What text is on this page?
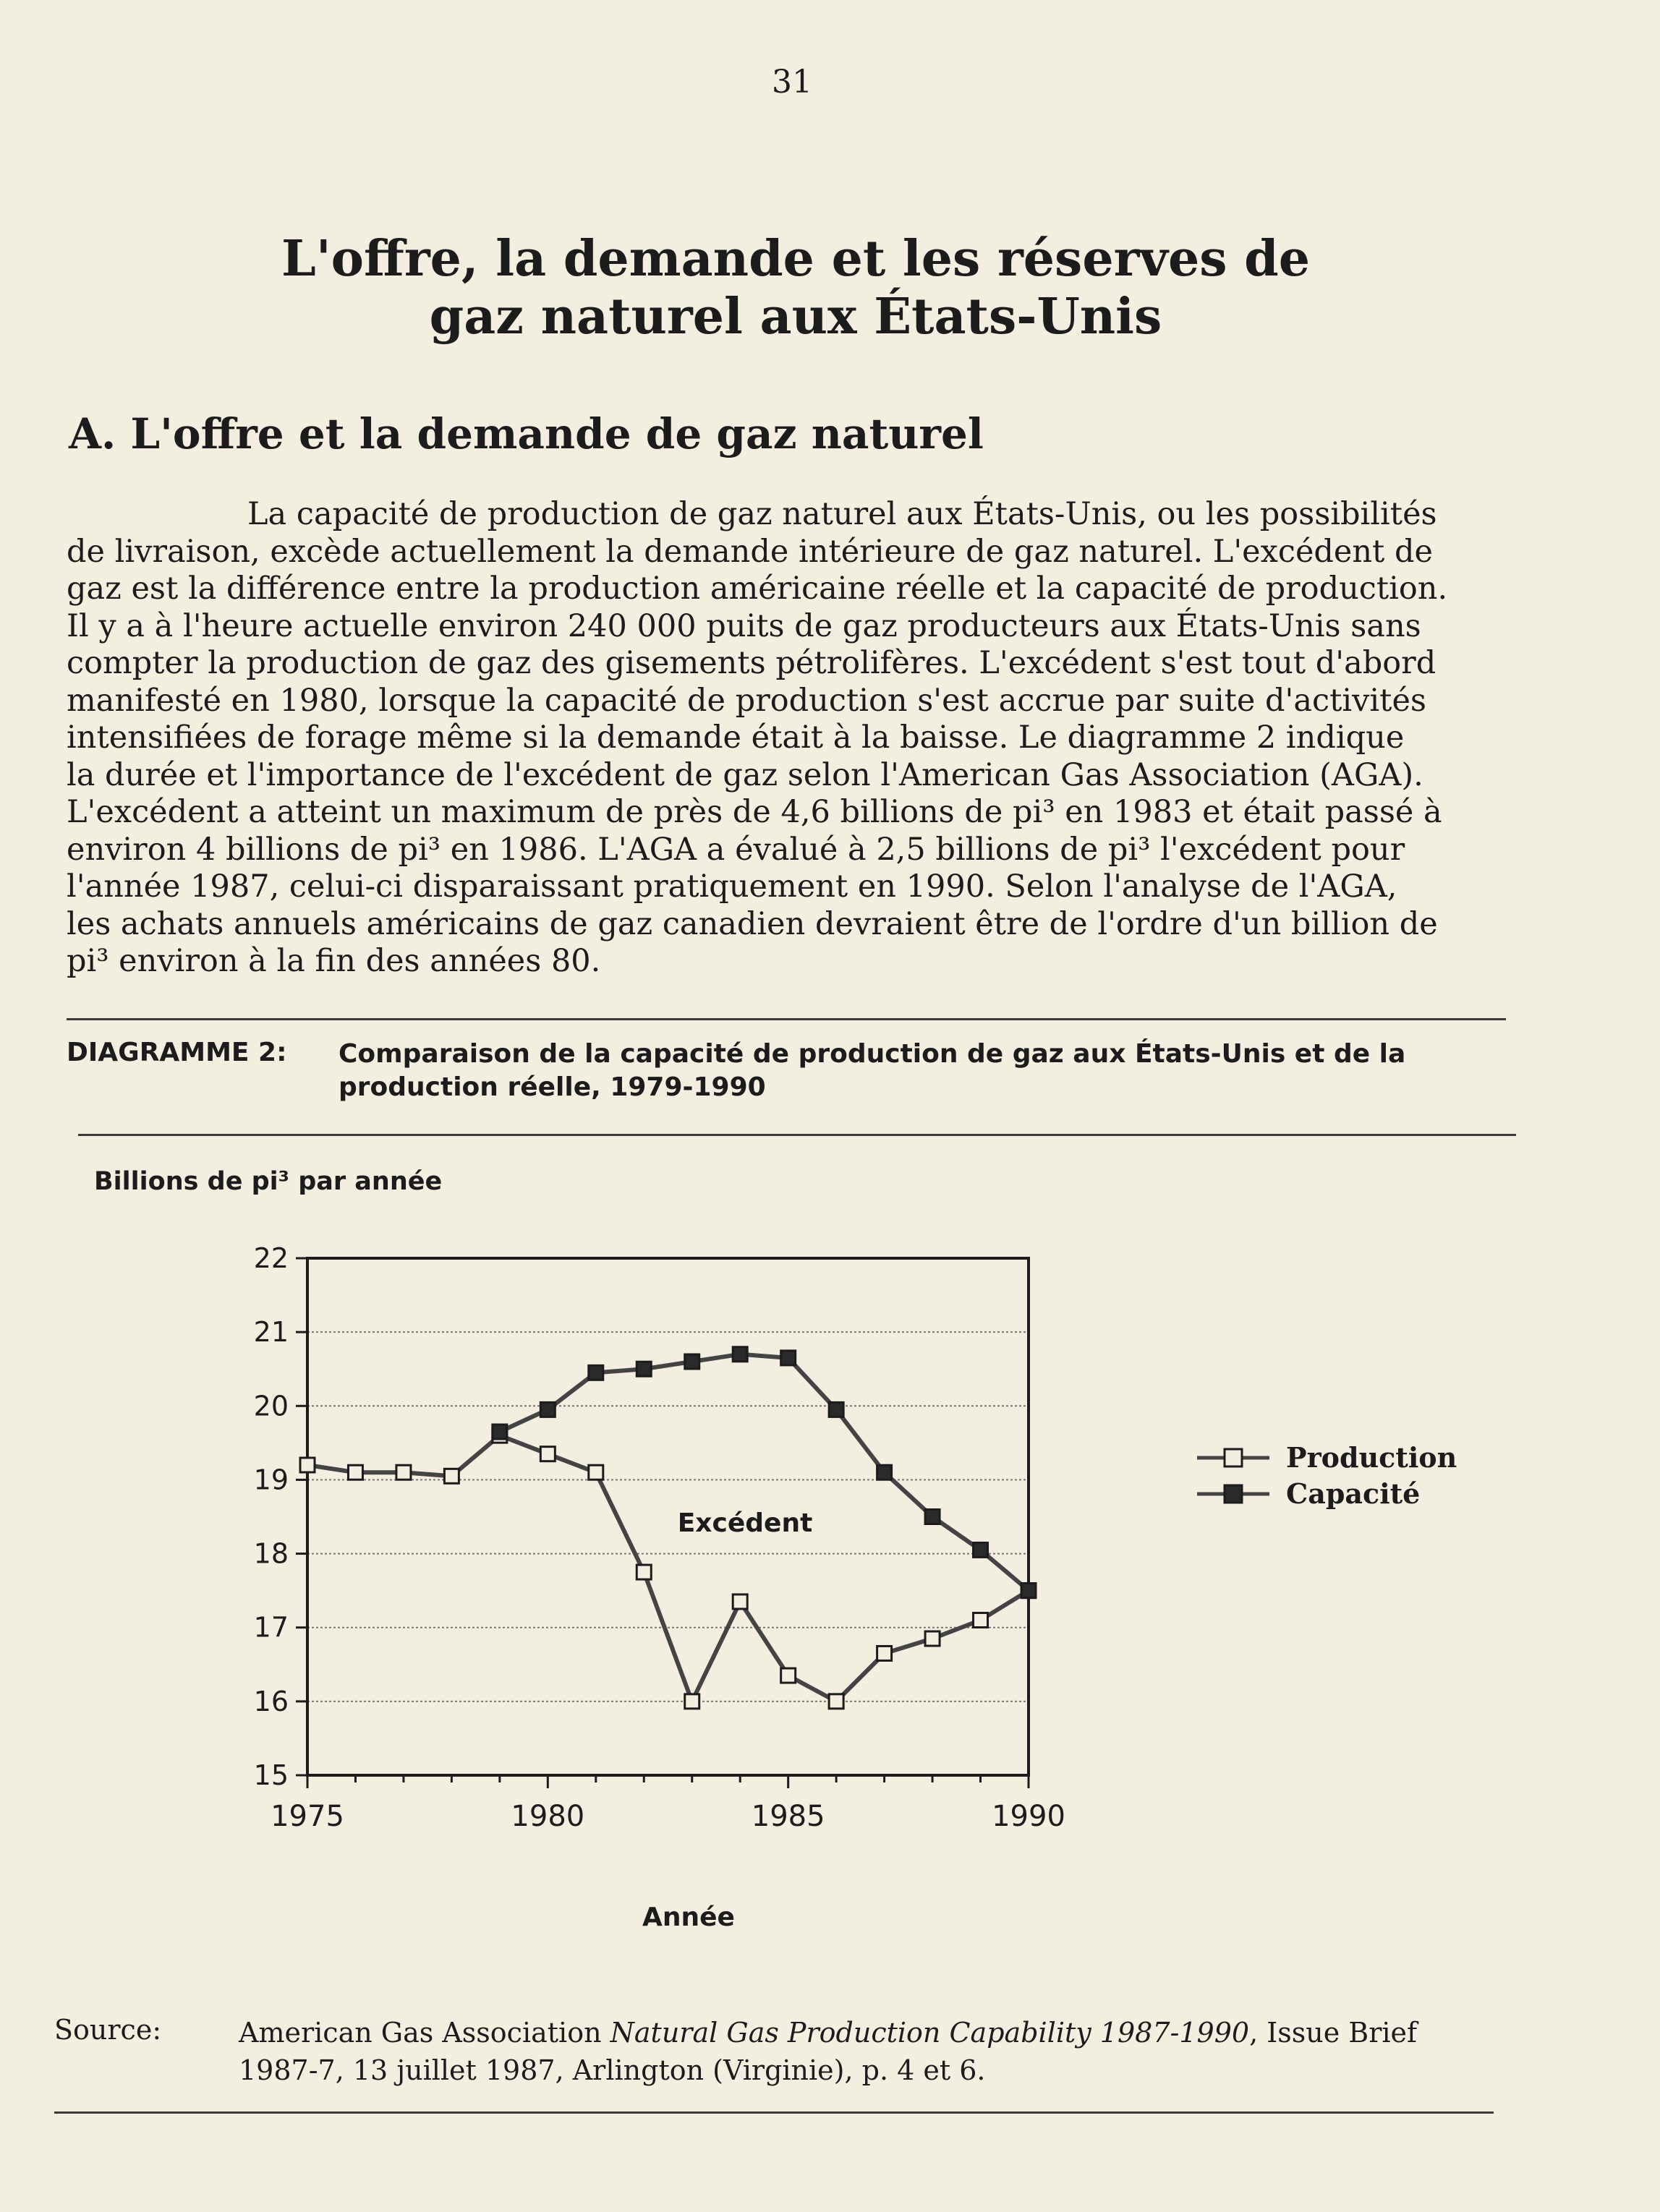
31
L'offre, la demande et les réserves de
gaz naturel aux États-Unis
A. L'offre et la demande de gaz naturel
La capacité de production de gaz naturel aux États-Unis, ou les possibilités
de livraison, excède actuellement la demande intérieure de gaz naturel. L'excédent de
gaz est la différence entre la production américaine réelle et la capacité de production.
Il y a à l'heure actuelle environ 240 000 puits de gaz producteurs aux États-Unis sans
compter la production de gaz des gisements pétrolifères. L'excédent s'est tout d'abord
manifesté en 1980, lorsque la capacité de production s'est accrue par suite d'activités
intensifiées de forage même si la demande était à la baisse. Le diagramme 2 indique
la durée et l'importance de l'excédent de gaz selon l'American Gas Association (AGA).
L'excédent a atteint un maximum de près de 4,6 billions de pi³ en 1983 et était passé à
environ 4 billions de pi³ en 1986. L'AGA a évalué à 2,5 billions de pi³ l'excédent pour
l'année 1987, celui-ci disparaissant pratiquement en 1990. Selon l'analyse de l'AGA,
les achats annuels américains de gaz canadien devraient être de l'ordre d'un billion de
pi³ environ à la fin des années 80.
DIAGRAMME 2: Comparaison de la capacité de production de gaz aux États-Unis et de la
production réelle, 1979-1990
Billions de pi³ par année
15
16
17
18
19
20
21
22
1975	1980	1985	1990
Année
Excédent
Production
Capacité
Source:	American Gas Association Natural Gas Production Capability 1987-1990, Issue Brief
1987-7, 13 juillet 1987, Arlington (Virginie), p. 4 et 6.
